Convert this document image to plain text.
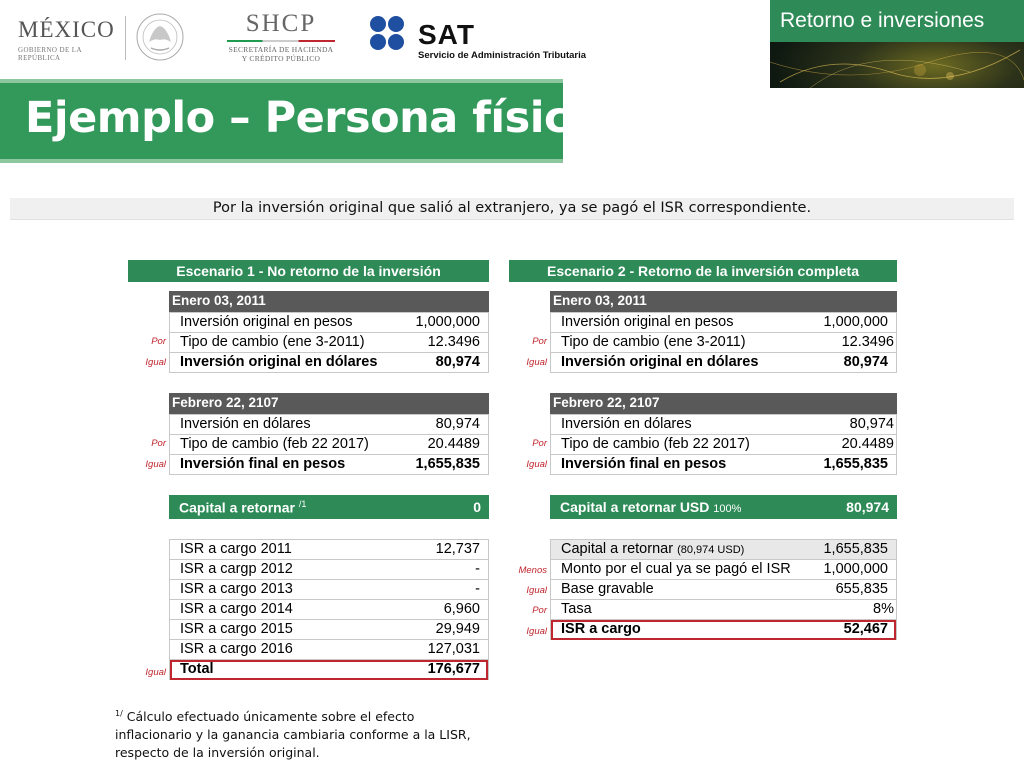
MÉXICO
GOBIERNO DE LA REPÚBLICA
SHCP
SECRETARÍA DE HACIENDA
Y CRÉDITO PÚBLICO
SAT
Servicio de Administración Tributaria
Retorno e inversiones
Ejemplo – Persona física
Por la inversión original que salió al extranjero, ya se pagó el ISR correspondiente.
Escenario 1 - No retorno de la inversión
Enero 03, 2011
Inversión original en pesos	1,000,000
Tipo de cambio (ene 3-2011)	12.3496
Inversión original en dólares	80,974
Por
Igual
Febrero 22, 2107
Inversión en dólares	80,974
Tipo de cambio (feb 22 2017)	20.4489
Inversión final en pesos	1,655,835
Por
Igual
Capital a retornar $^{/1}$	0
ISR a cargo 2011	12,737
ISR a cargp 2012	-
ISR a cargo 2013	-
ISR a cargo 2014	6,960
ISR a cargo 2015	29,949
ISR a cargo 2016	127,031
Total	176,677
Igual
Escenario 2 - Retorno de la inversión completa
Enero 03, 2011
Inversión original en pesos	1,000,000
Tipo de cambio (ene 3-2011)	12.3496
Inversión original en dólares	80,974
Por
Igual
Febrero 22, 2107
Inversión en dólares	80,974
Tipo de cambio (feb 22 2017)	20.4489
Inversión final en pesos	1,655,835
Por
Igual
Capital a retornar USD 100%	80,974
Capital a retornar (80,974 USD)	1,655,835
Monto por el cual ya se pagó el ISR 1,000,000
Base gravable	655,835
Tasa	8%
ISR a cargo	52,467
Menos
Igual
Por
Igual
$^{1/}$ Cálculo efectuado únicamente sobre el efecto inflacionario y la ganancia cambiaria conforme a la LISR, respecto de la inversión original.
